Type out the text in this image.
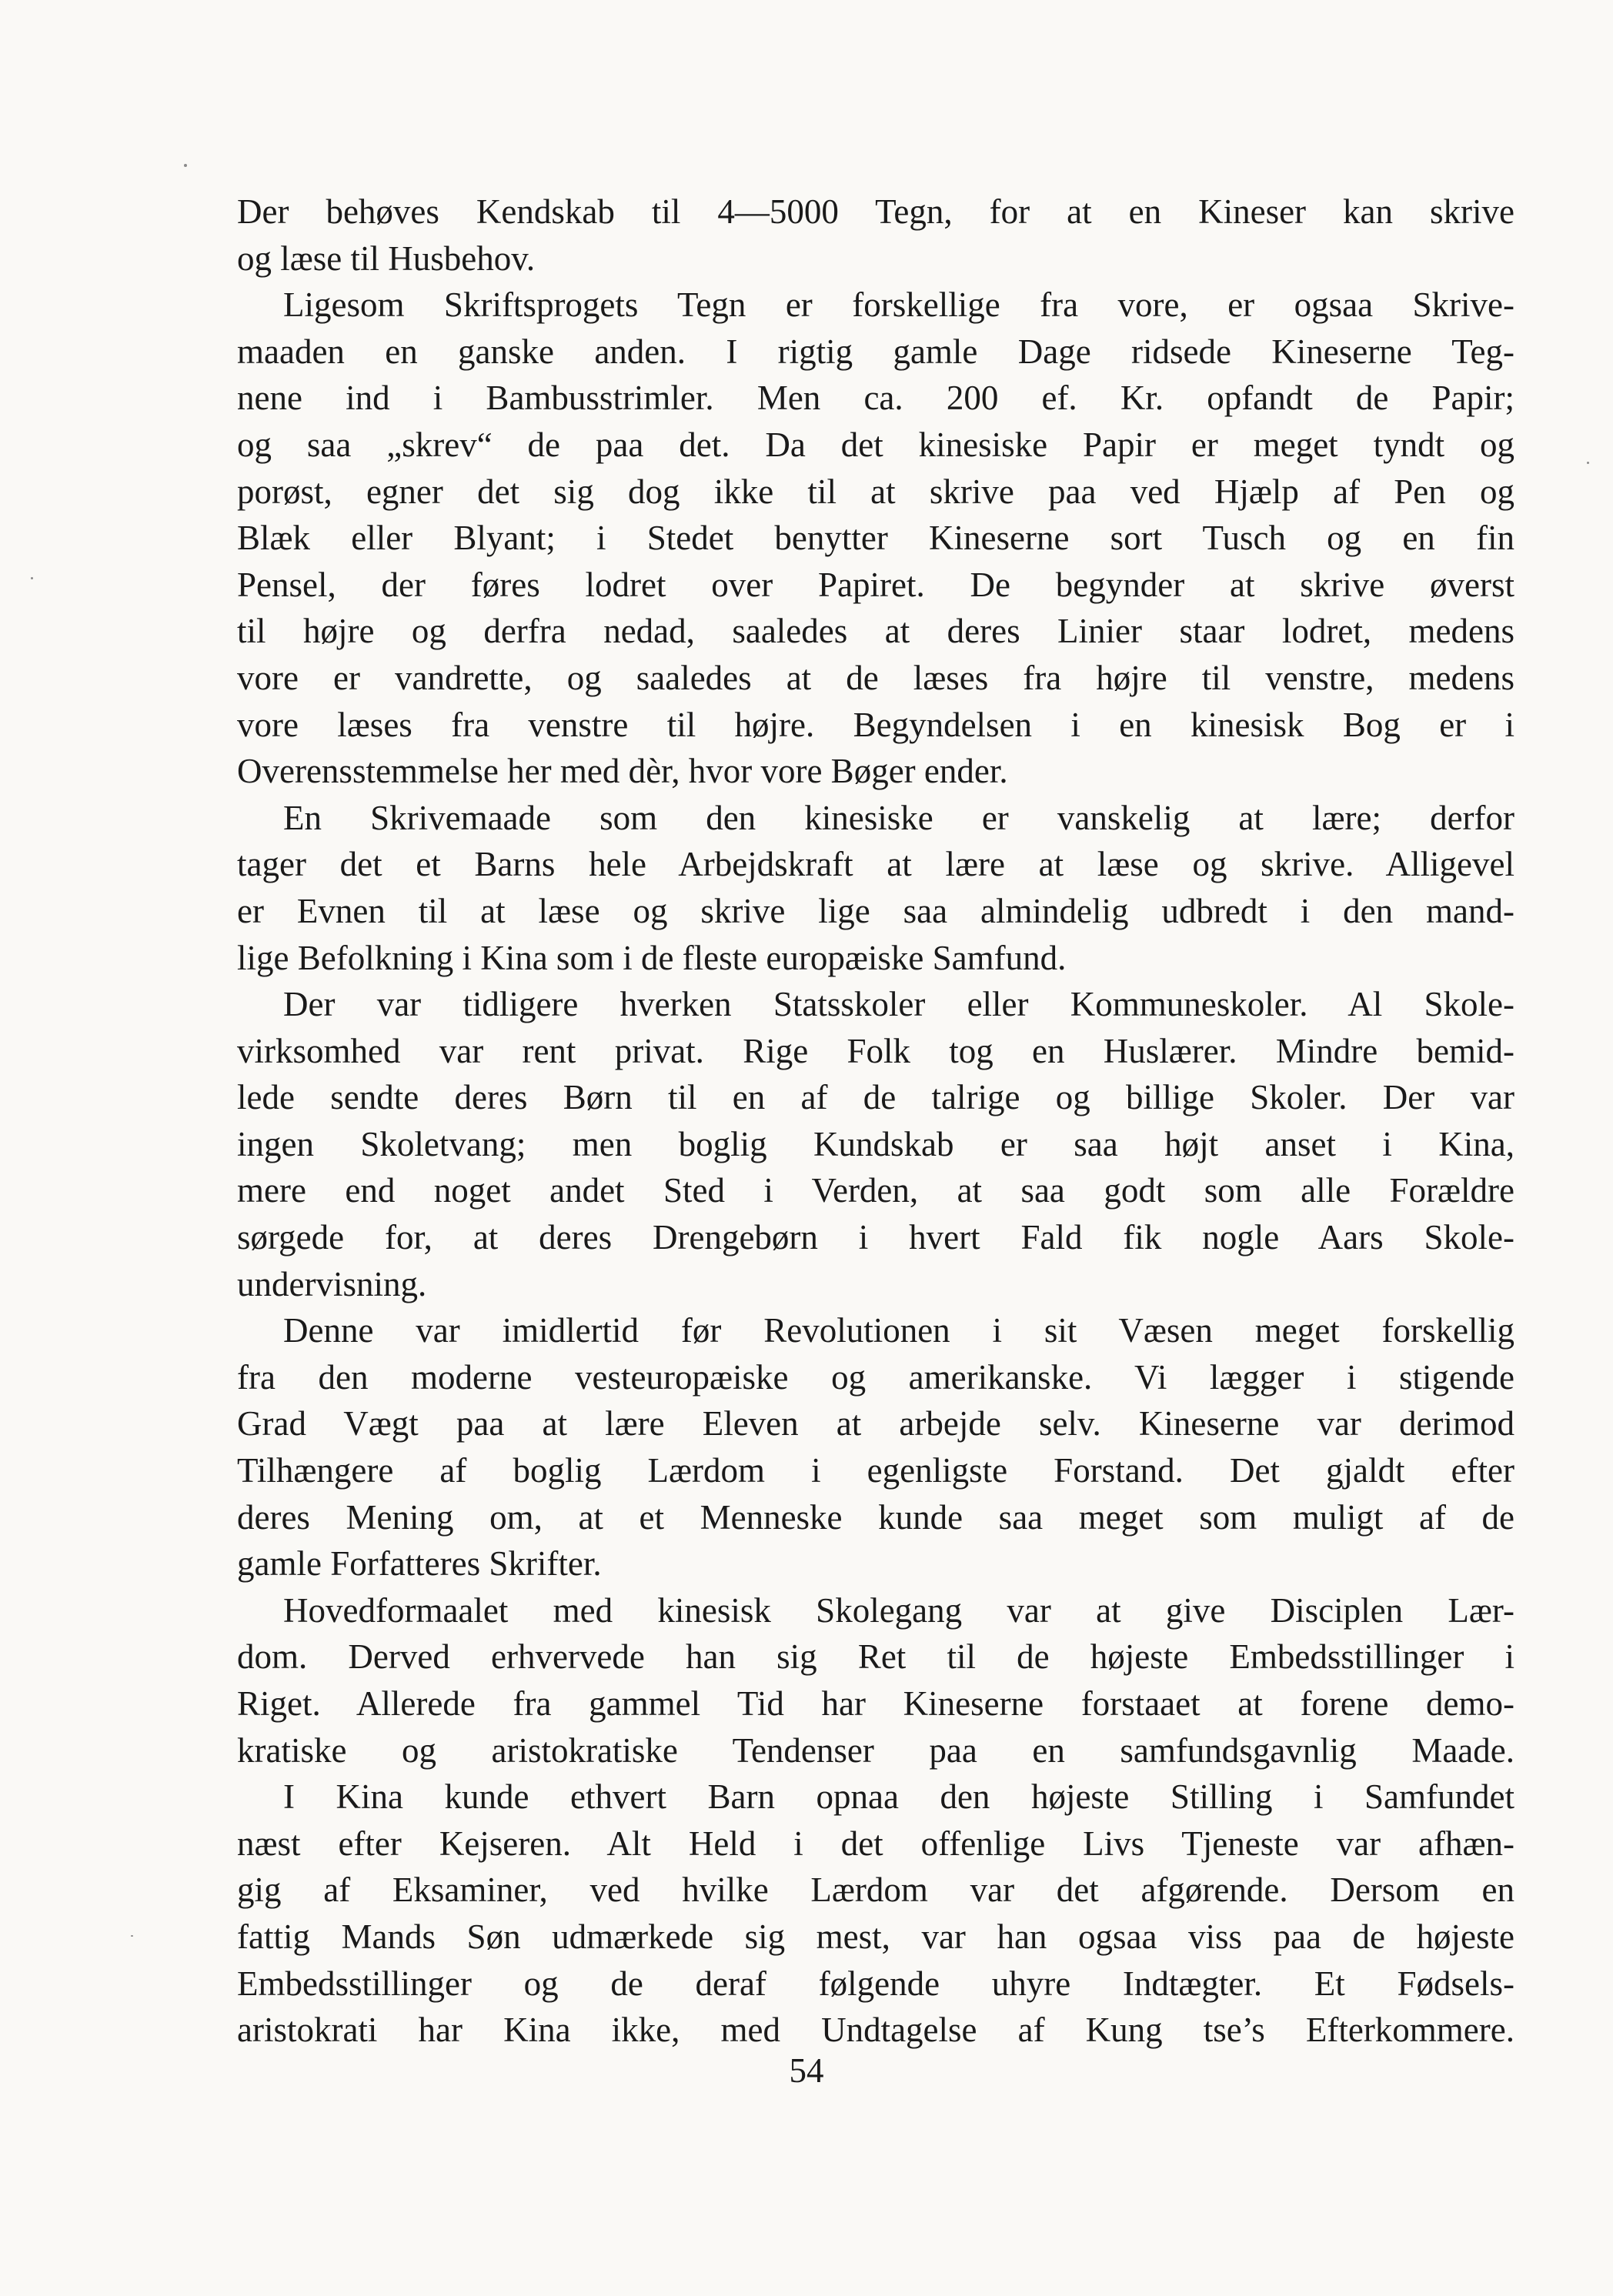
Der behøves Kendskab til 4—5000 Tegn, for at en Kineser kan skrive
og læse til Husbehov.
Ligesom Skriftsprogets Tegn er forskellige fra vore, er ogsaa Skrive-
maaden en ganske anden. I rigtig gamle Dage ridsede Kineserne Teg-
nene ind i Bambusstrimler. Men ca. 200 ef. Kr. opfandt de Papir;
og saa „skrev“ de paa det. Da det kinesiske Papir er meget tyndt og
porøst, egner det sig dog ikke til at skrive paa ved Hjælp af Pen og
Blæk eller Blyant; i Stedet benytter Kineserne sort Tusch og en fin
Pensel, der føres lodret over Papiret. De begynder at skrive øverst
til højre og derfra nedad, saaledes at deres Linier staar lodret, medens
vore er vandrette, og saaledes at de læses fra højre til venstre, medens
vore læses fra venstre til højre. Begyndelsen i en kinesisk Bog er i
Overensstemmelse her med dèr, hvor vore Bøger ender.
En Skrivemaade som den kinesiske er vanskelig at lære; derfor
tager det et Barns hele Arbejdskraft at lære at læse og skrive. Alligevel
er Evnen til at læse og skrive lige saa almindelig udbredt i den mand-
lige Befolkning i Kina som i de fleste europæiske Samfund.
Der var tidligere hverken Statsskoler eller Kommuneskoler. Al Skole-
virksomhed var rent privat. Rige Folk tog en Huslærer. Mindre bemid-
lede sendte deres Børn til en af de talrige og billige Skoler. Der var
ingen Skoletvang; men boglig Kundskab er saa højt anset i Kina,
mere end noget andet Sted i Verden, at saa godt som alle Forældre
sørgede for, at deres Drengebørn i hvert Fald fik nogle Aars Skole-
undervisning.
Denne var imidlertid før Revolutionen i sit Væsen meget forskellig
fra den moderne vesteuropæiske og amerikanske. Vi lægger i stigende
Grad Vægt paa at lære Eleven at arbejde selv. Kineserne var derimod
Tilhængere af boglig Lærdom i egenligste Forstand. Det gjaldt efter
deres Mening om, at et Menneske kunde saa meget som muligt af de
gamle Forfatteres Skrifter.
Hovedformaalet med kinesisk Skolegang var at give Disciplen Lær-
dom. Derved erhvervede han sig Ret til de højeste Embedsstillinger i
Riget. Allerede fra gammel Tid har Kineserne forstaaet at forene demo-
kratiske og aristokratiske Tendenser paa en samfundsgavnlig Maade.
I Kina kunde ethvert Barn opnaa den højeste Stilling i Samfundet
næst efter Kejseren. Alt Held i det offenlige Livs Tjeneste var afhæn-
gig af Eksaminer, ved hvilke Lærdom var det afgørende. Dersom en
fattig Mands Søn udmærkede sig mest, var han ogsaa viss paa de højeste
Embedsstillinger og de deraf følgende uhyre Indtægter. Et Fødsels-
aristokrati har Kina ikke, med Undtagelse af Kung tse’s Efterkommere.
54
